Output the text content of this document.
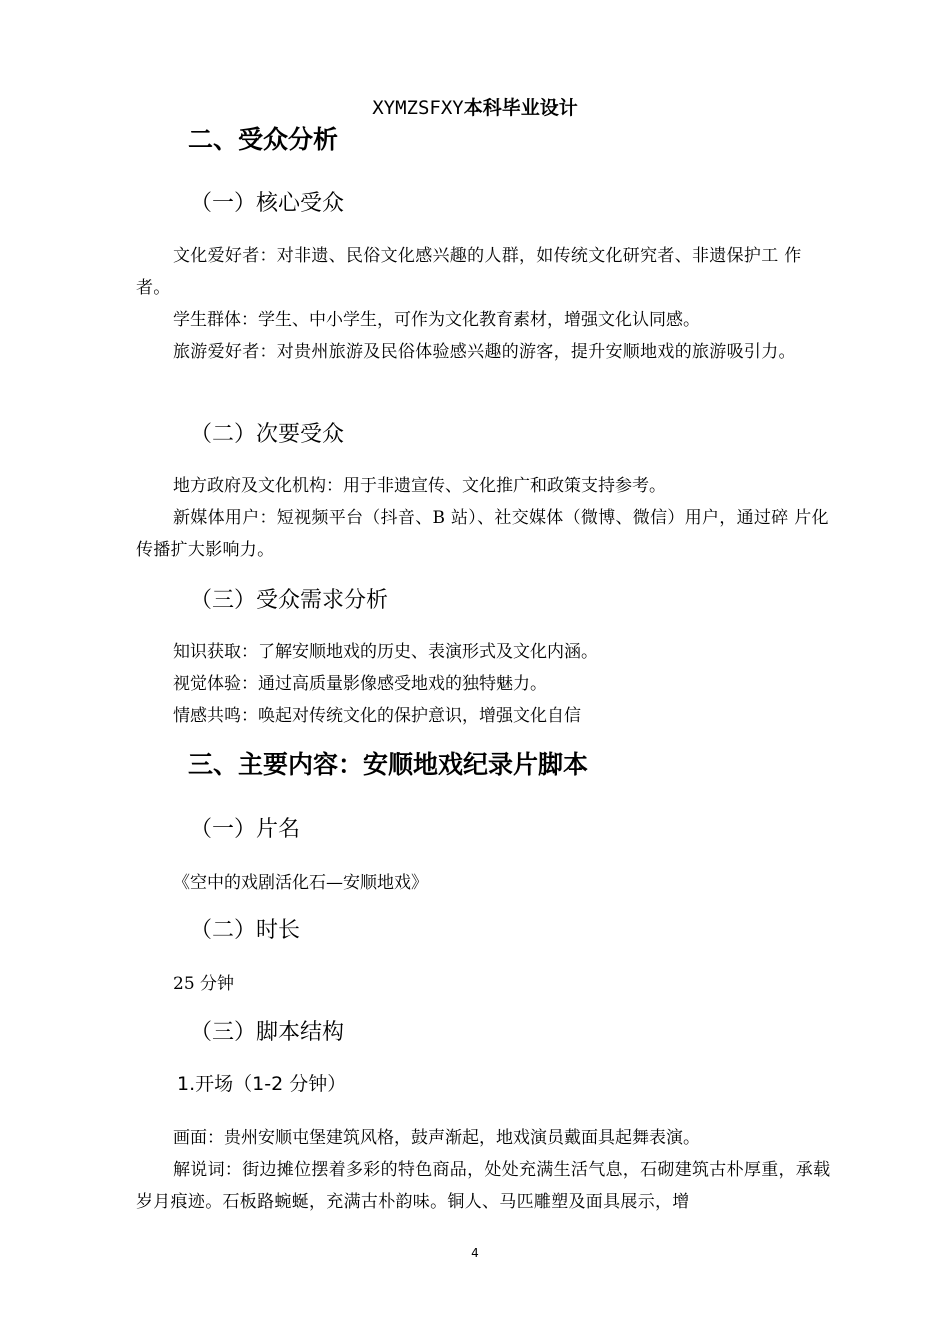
XYMZSFXY本科毕业设计
二、受众分析
（一）核心受众
文化爱好者：对非遗、民俗文化感兴趣的人群，如传统文化研究者、非遗保护工 作者。
学生群体：学生、中小学生，可作为文化教育素材，增强文化认同感。
旅游爱好者：对贵州旅游及民俗体验感兴趣的游客，提升安顺地戏的旅游吸引力。
（二）次要受众
地方政府及文化机构：用于非遗宣传、文化推广和政策支持参考。
新媒体用户：短视频平台（抖音、B 站）、社交媒体（微博、微信）用户，通过碎 片化传播扩大影响力。
（三）受众需求分析
知识获取：了解安顺地戏的历史、表演形式及文化内涵。
视觉体验：通过高质量影像感受地戏的独特魅力。
情感共鸣：唤起对传统文化的保护意识，增强文化自信
三、主要内容：安顺地戏纪录片脚本
（一）片名
《空中的戏剧活化石—安顺地戏》
（二）时长
25 分钟
（三）脚本结构
1.开场（1-2 分钟）
画面：贵州安顺屯堡建筑风格，鼓声渐起，地戏演员戴面具起舞表演。
解说词：街边摊位摆着多彩的特色商品，处处充满生活气息，石砌建筑古朴厚重，承载岁月痕迹。石板路蜿蜒，充满古朴韵味。铜人、马匹雕塑及面具展示，增
4
